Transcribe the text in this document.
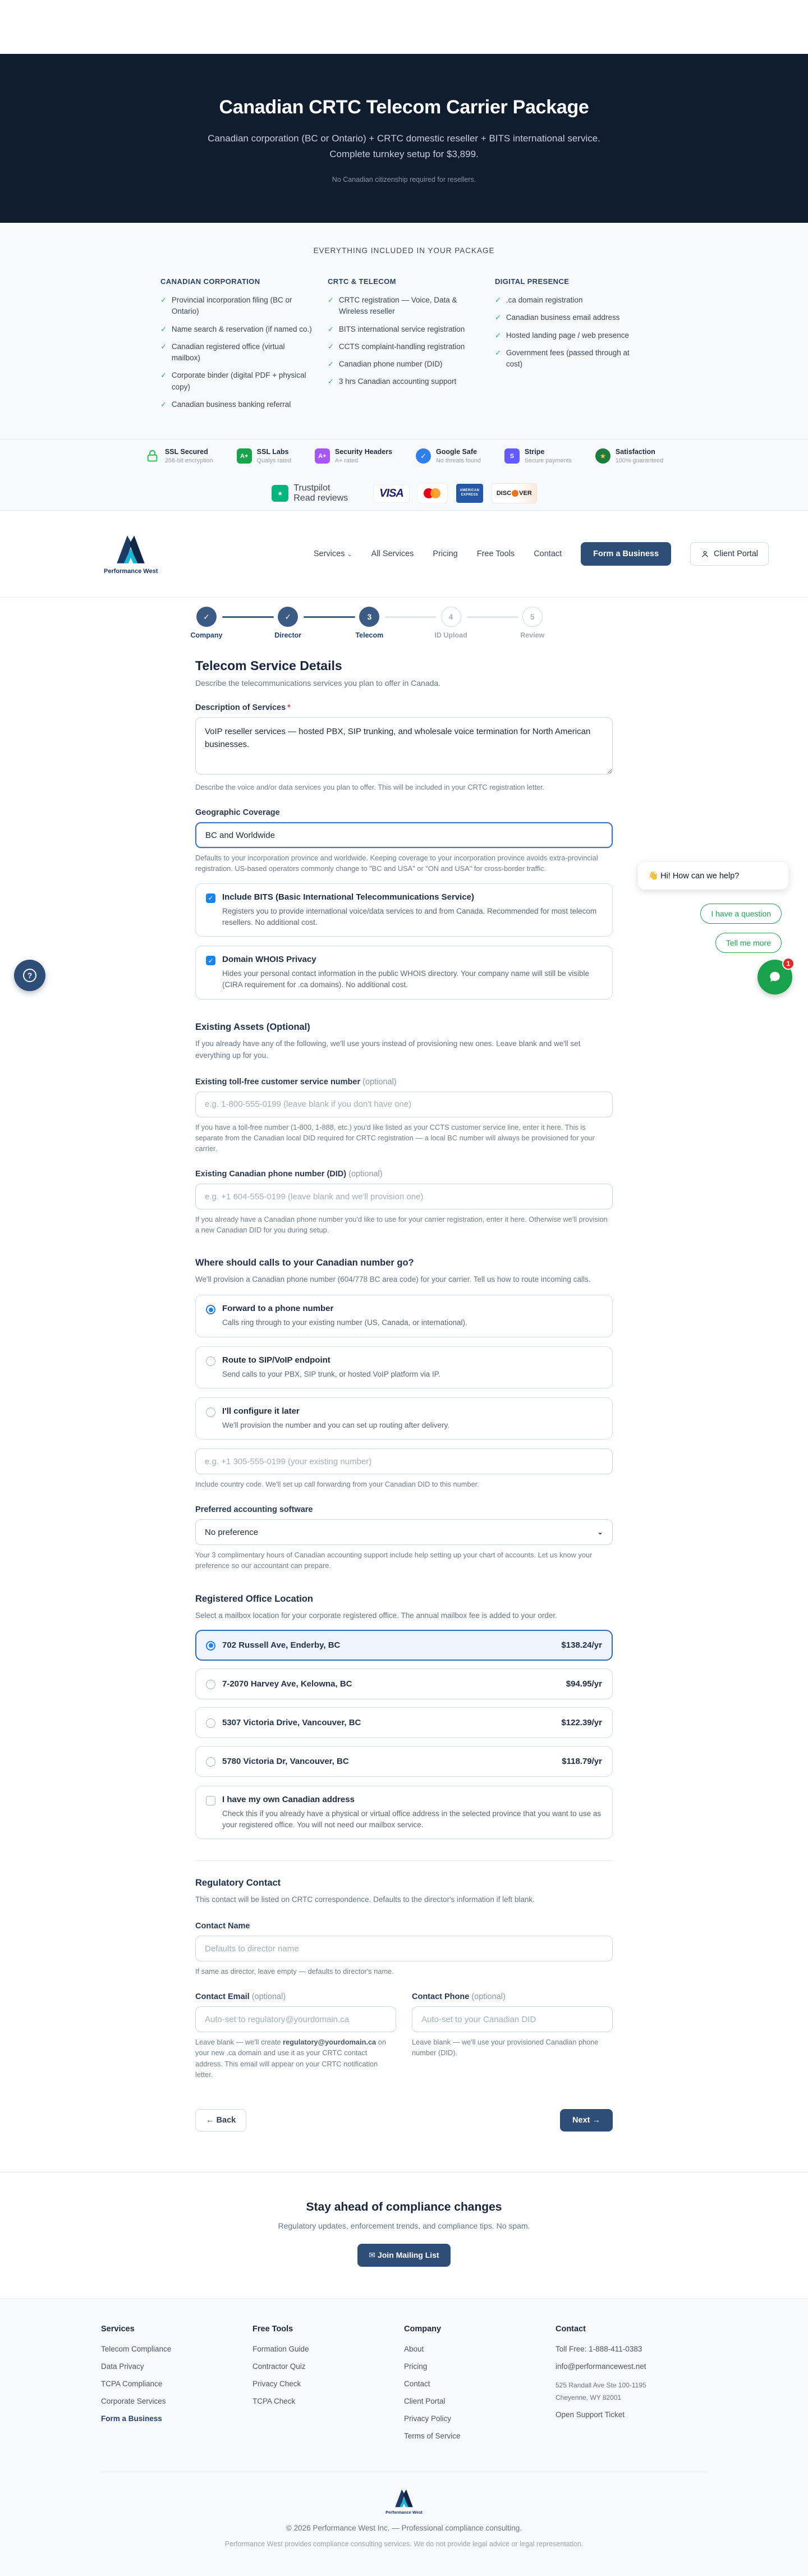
Canadian CRTC Telecom Carrier Package
Canadian corporation (BC or Ontario) + CRTC domestic reseller + BITS international service. Complete turnkey setup for $3,899.
No Canadian citizenship required for resellers.
EVERYTHING INCLUDED IN YOUR PACKAGE
CANADIAN CORPORATION
✓ Provincial incorporation filing (BC or Ontario)
✓ Name search & reservation (if named co.)
✓ Canadian registered office (virtual mailbox)
✓ Corporate binder (digital PDF + physical copy)
✓ Canadian business banking referral
CRTC & TELECOM
✓ CRTC registration — Voice, Data & Wireless reseller
✓ BITS international service registration
✓ CCTS complaint-handling registration
✓ Canadian phone number (DID)
✓ 3 hrs Canadian accounting support
DIGITAL PRESENCE
✓ .ca domain registration
✓ Canadian business email address
✓ Hosted landing page / web presence
✓ Government fees (passed through at cost)
SSL Secured
256-bit encryption
A+
SSL Labs
Qualys rated
A+
Security Headers
A+ rated
✓	Google Safe
No threats found
S
Stripe
Secure payments
★	Satisfaction
100% guaranteed
★
Trustpilot
Read reviews	VISA	AMERICAN
EXPRESS	DISC VER
Performance West
Services ⌄ All Services Pricing Free Tools Contact	Form a Business	Client Portal
✓
Company
✓
Director
3
Telecom
4
ID Upload
5
Review
Telecom Service Details
Describe the telecommunications services you plan to offer in Canada.
Description of Services *
VoIP reseller services — hosted PBX, SIP trunking, and wholesale voice termination for North American businesses.
Describe the voice and/or data services you plan to offer. This will be included in your CRTC registration letter.
Geographic Coverage
BC and Worldwide
Defaults to your incorporation province and worldwide. Keeping coverage to your incorporation province avoids extra-provincial registration. US-based operators commonly change to "BC and USA" or "ON and USA" for cross-border traffic.
✓ Include BITS (Basic International Telecommunications Service)
Registers you to provide international voice/data services to and from Canada. Recommended for most telecom resellers. No additional cost.
✓ Domain WHOIS Privacy
Hides your personal contact information in the public WHOIS directory. Your company name will still be visible (CIRA requirement for .ca domains). No additional cost.
Existing Assets (Optional)
If you already have any of the following, we'll use yours instead of provisioning new ones. Leave blank and we'll set everything up for you.
Existing toll-free customer service number (optional)
e.g. 1-800-555-0199 (leave blank if you don't have one)
If you have a toll-free number (1-800, 1-888, etc.) you'd like listed as your CCTS customer service line, enter it here. This is separate from the Canadian local DID required for CRTC registration — a local BC number will always be provisioned for your carrier.
Existing Canadian phone number (DID) (optional)
e.g. +1 604-555-0199 (leave blank and we'll provision one)
If you already have a Canadian phone number you'd like to use for your carrier registration, enter it here. Otherwise we'll provision a new Canadian DID for you during setup.
Where should calls to your Canadian number go?
We'll provision a Canadian phone number (604/778 BC area code) for your carrier. Tell us how to route incoming calls.
Forward to a phone number
Calls ring through to your existing number (US, Canada, or international).
Route to SIP/VoIP endpoint
Send calls to your PBX, SIP trunk, or hosted VoIP platform via IP.
I'll configure it later
We'll provision the number and you can set up routing after delivery.
e.g. +1 305-555-0199 (your existing number)
Include country code. We'll set up call forwarding from your Canadian DID to this number.
Preferred accounting software
No preference	⌄
Your 3 complimentary hours of Canadian accounting support include help setting up your chart of accounts. Let us know your preference so our accountant can prepare.
Registered Office Location
Select a mailbox location for your corporate registered office. The annual mailbox fee is added to your order.
702 Russell Ave, Enderby, BC	$138.24/yr
7-2070 Harvey Ave, Kelowna, BC	$94.95/yr
5307 Victoria Drive, Vancouver, BC	$122.39/yr
5780 Victoria Dr, Vancouver, BC	$118.79/yr
I have my own Canadian address
Check this if you already have a physical or virtual office address in the selected province that you want to use as your registered office. You will not need our mailbox service.
Regulatory Contact
This contact will be listed on CRTC correspondence. Defaults to the director's information if left blank.
Contact Name
Defaults to director name
If same as director, leave empty — defaults to director's name.
Contact Email (optional)
Auto-set to regulatory@yourdomain.ca
Leave blank — we'll create regulatory@yourdomain.ca on your new .ca domain and use it as your CRTC contact address. This email will appear on your CRTC notification letter.
Contact Phone (optional)
Auto-set to your Canadian DID
Leave blank — we'll use your provisioned Canadian phone number (DID).
← Back	Next →
Stay ahead of compliance changes
Regulatory updates, enforcement trends, and compliance tips. No spam.
✉ Join Mailing List
Services
Telecom Compliance
Data Privacy
TCPA Compliance
Corporate Services
Form a Business
Free Tools
Formation Guide
Contractor Quiz
Privacy Check
TCPA Check
Company
About
Pricing
Contact
Client Portal
Privacy Policy
Terms of Service
Contact
Toll Free: 1-888-411-0383
info@performancewest.net
525 Randall Ave Ste 100-1195
Cheyenne, WY 82001
Open Support Ticket
Performance West
© 2026 Performance West Inc. — Professional compliance consulting.
Performance West provides compliance consulting services. We do not provide legal advice or legal representation.
?
👋 Hi! How can we help?
I have a question
Tell me more
1
